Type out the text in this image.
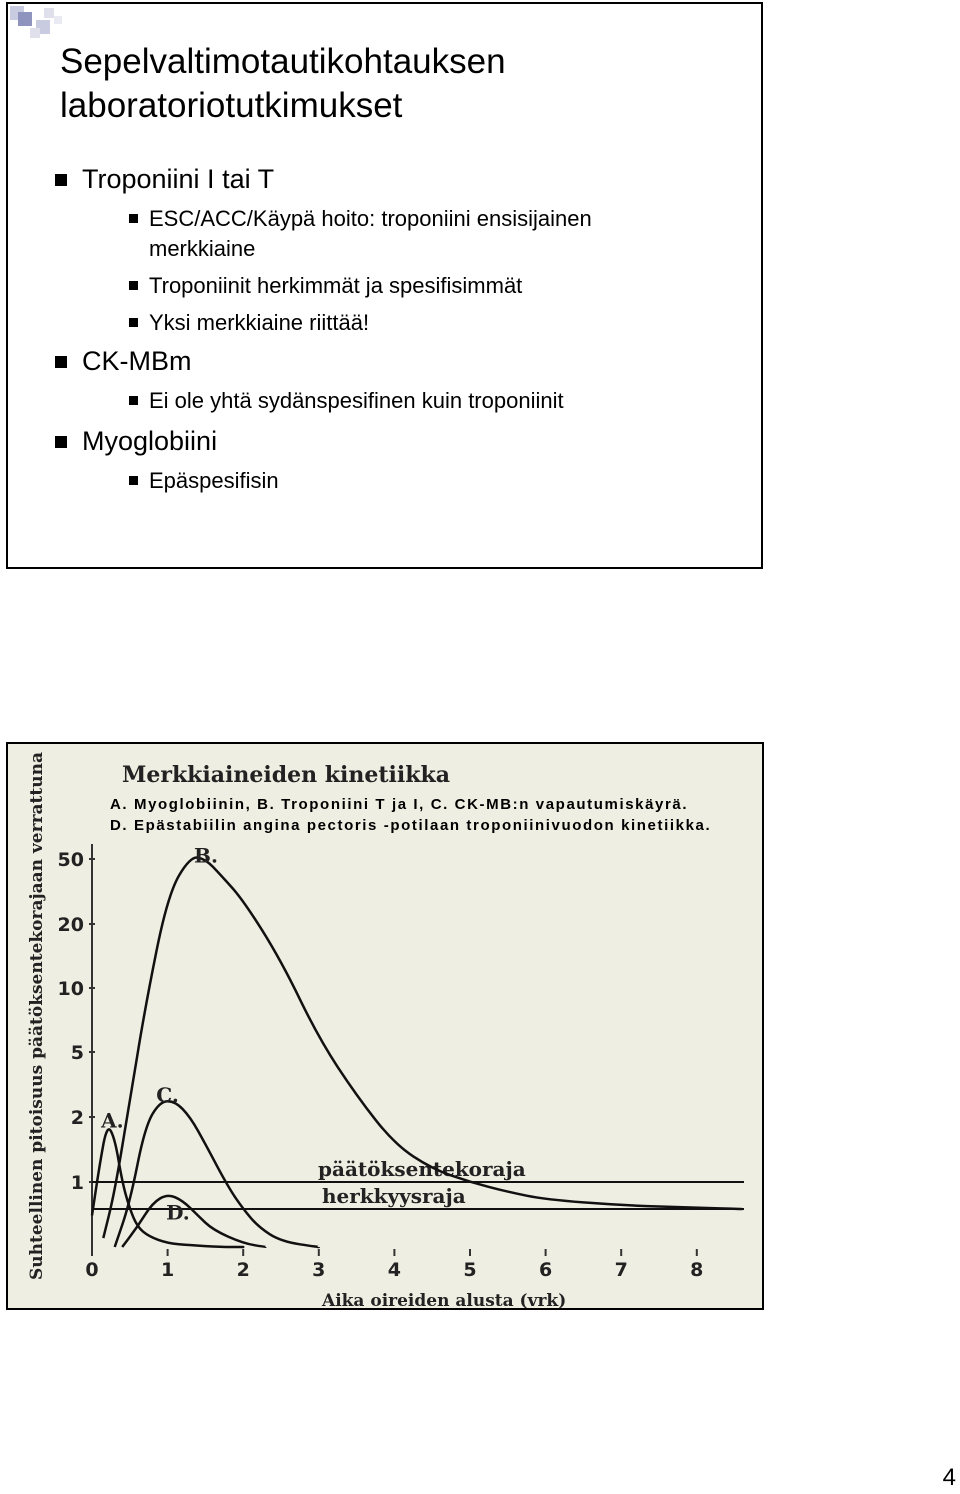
Sepelvaltimotautikohtauksen
laboratoriotutkimukset
Troponiini I tai T
ESC/ACC/Käypä hoito: troponiini ensisijainen
merkkiaine
Troponiinit herkimmät ja spesifisimmät
Yksi merkkiaine riittää!
CK-MBm
Ei ole yhtä sydänspesifinen kuin troponiinit
Myoglobiini
Epäspesifisin
Merkkiaineiden kinetiikka
Suhteellinen pitoisuus päätöksentekorajaan verrattuna
Aika oireiden alusta (vrk)
1
2
5
10
20
50
0	1	2	3	4	5	6	7	8
päätöksentekoraja
herkkyysraja
A.
B.
C.
D.
A. Myoglobiinin, B. Troponiini T ja I, C. CK-MB:n vapautumiskäyrä.
D. Epästabiilin angina pectoris -potilaan troponiinivuodon kinetiikka.
4
